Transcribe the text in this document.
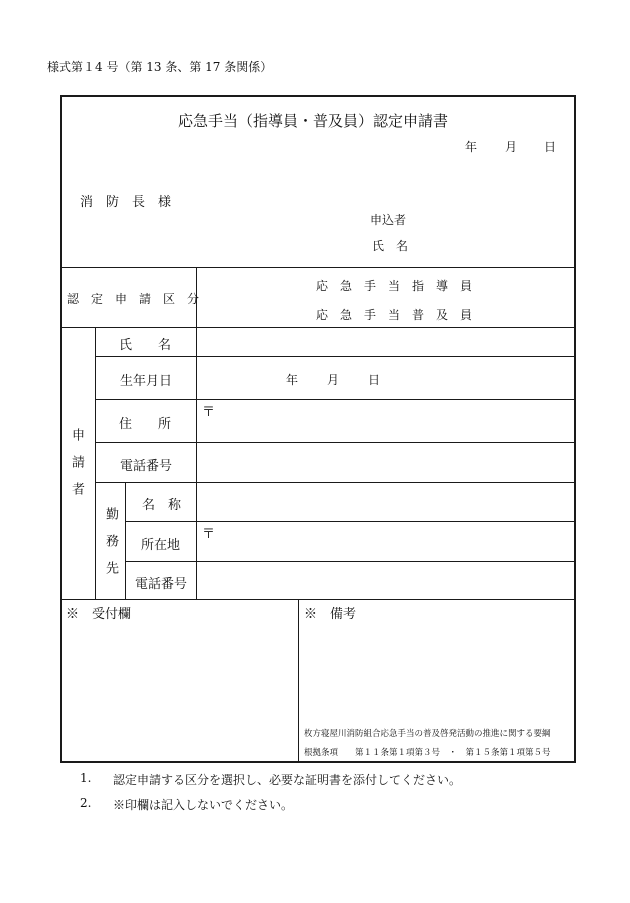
様式第１4 号（第 13 条、第 17 条関係）
応急手当（指導員・普及員）認定申請書
年 月 日
消　防　長　様
申込者
氏　名
認　定　申　請　区　分
応　急　手　当　指　導　員
応　急　手　当　普　及　員
申請者
氏　　名
生年月日	年 月 日
住　　所
〒
電話番号
勤務先
名　称
所在地
〒
電話番号
※　受付欄	※　備考
枚方寝屋川消防組合応急手当の普及啓発活動の推進に関する要綱
根拠条項 第１１条第１項第３号　・　第１５条第１項第５号
1. 認定申請する区分を選択し、必要な証明書を添付してください。
2. ※印欄は記入しないでください。
